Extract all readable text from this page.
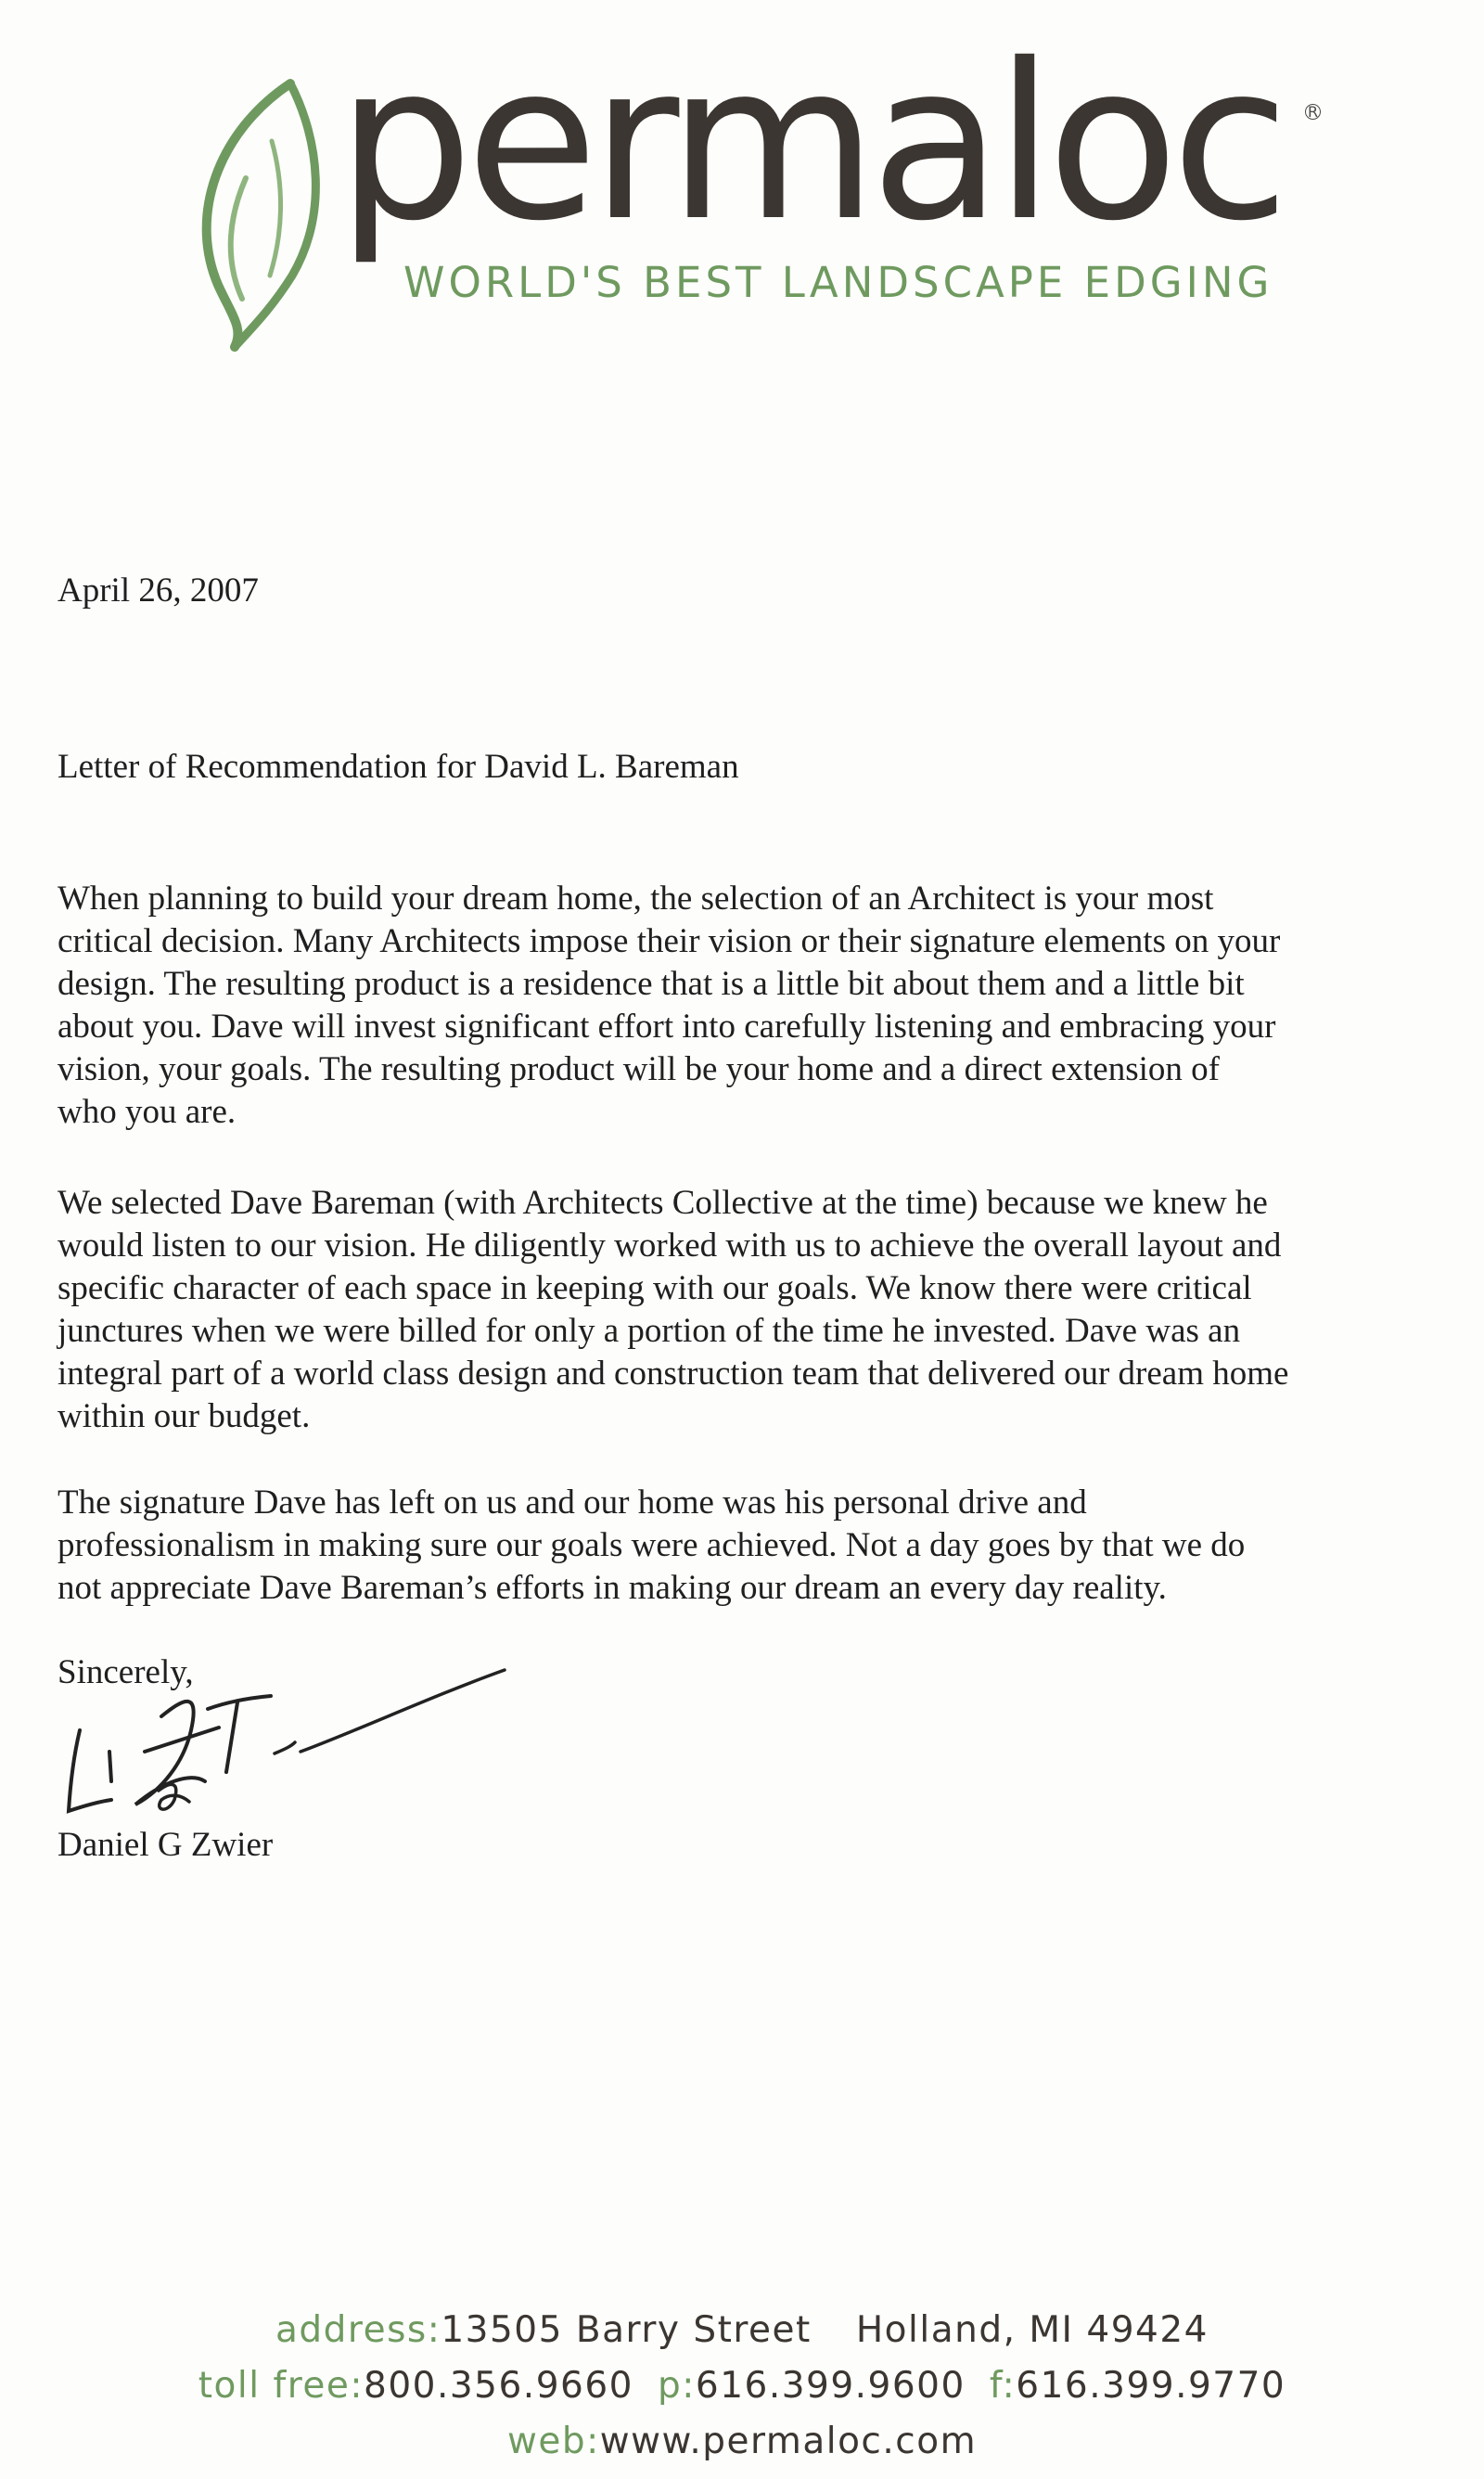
permaloc R
WORLD'S BEST LANDSCAPE EDGING
April 26, 2007
Letter of Recommendation for David L. Bareman

When planning to build your dream home, the selection of an Architect is your most
critical decision. Many Architects impose their vision or their signature elements on your
design. The resulting product is a residence that is a little bit about them and a little bit
about you. Dave will invest significant effort into carefully listening and embracing your
vision, your goals. The resulting product will be your home and a direct extension of
who you are.

We selected Dave Bareman (with Architects Collective at the time) because we knew he
would listen to our vision. He diligently worked with us to achieve the overall layout and
specific character of each space in keeping with our goals. We know there were critical
junctures when we were billed for only a portion of the time he invested. Dave was an
integral part of a world class design and construction team that delivered our dream home
within our budget.

The signature Dave has left on us and our home was his personal drive and
professionalism in making sure our goals were achieved. Not a day goes by that we do
not appreciate Dave Bareman’s efforts in making our dream an every day reality.

Sincerely,
Daniel G Zwier
address:13505 Barry Street Holland, MI 49424
toll free:800.356.9660 p:616.399.9600 f:616.399.9770
web:www.permaloc.com
